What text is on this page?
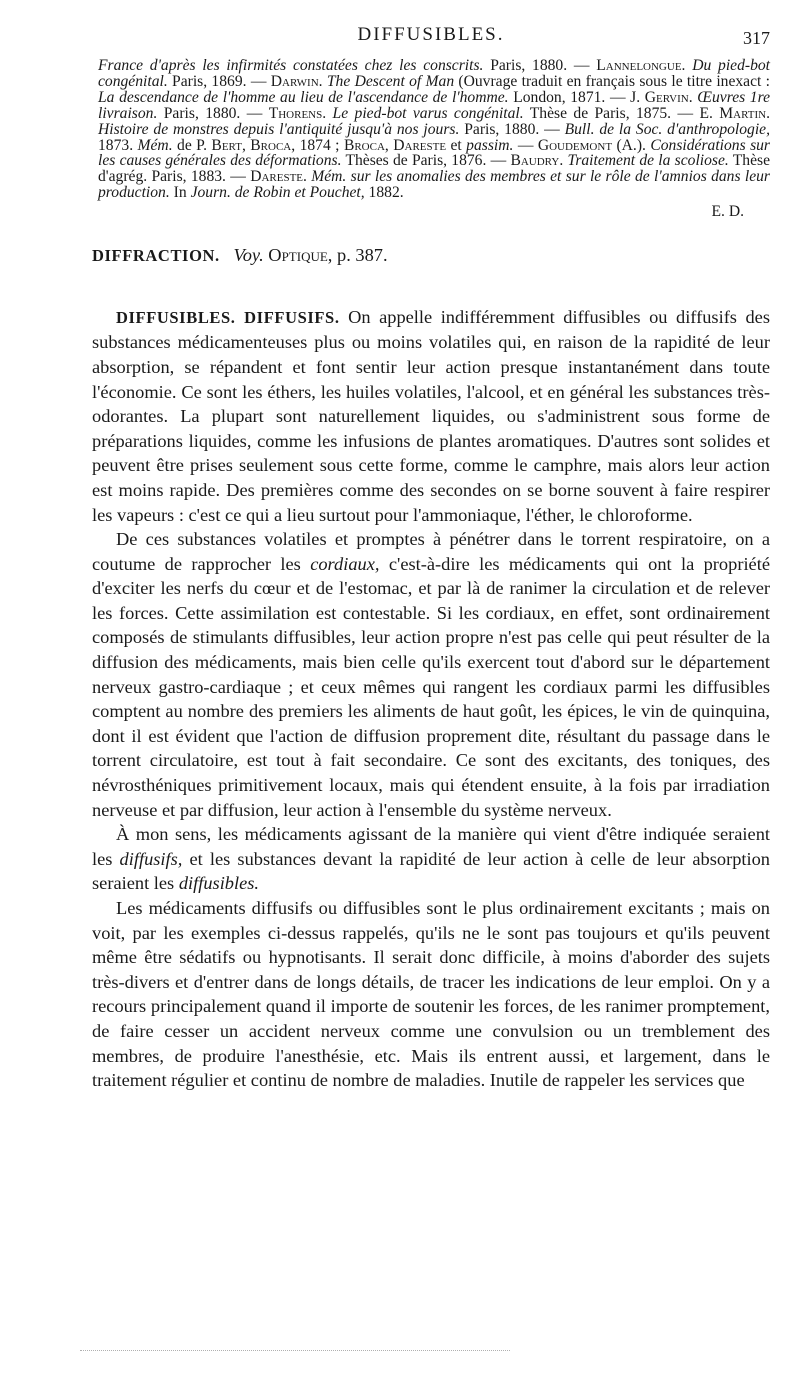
DIFFUSIBLES.	317

France d'après les infirmités constatées chez les conscrits. Paris, 1880. — Lannelongue. Du pied-bot congénital. Paris, 1869. — Darwin. The Descent of Man (Ouvrage traduit en français sous le titre inexact : La descendance de l'homme au lieu de l'ascendance de l'homme. London, 1871. — J. Gervin. Œuvres 1re livraison. Paris, 1880. — Thorens. Le pied-bot varus congénital. Thèse de Paris, 1875. — E. Martin. Histoire de monstres depuis l'antiquité jusqu'à nos jours. Paris, 1880. — Bull. de la Soc. d'anthropologie, 1873. Mém. de P. Bert, Broca, 1874 ; Broca, Dareste et passim. — Goudemont (A.). Considérations sur les causes générales des déformations. Thèses de Paris, 1876. — Baudry. Traitement de la scoliose. Thèse d'agrég. Paris, 1883. — Dareste. Mém. sur les anomalies des membres et sur le rôle de l'amnios dans leur production. In Journ. de Robin et Pouchet, 1882.

E. D.

DIFFRACTION. Voy. Optique, p. 387.

DIFFUSIBLES. DIFFUSIFS. On appelle indifféremment diffusibles ou diffusifs des substances médicamenteuses plus ou moins volatiles qui, en raison de la rapidité de leur absorption, se répandent et font sentir leur action presque instantanément dans toute l'économie. Ce sont les éthers, les huiles volatiles, l'alcool, et en général les substances très-odorantes. La plupart sont naturellement liquides, ou s'administrent sous forme de préparations liquides, comme les infusions de plantes aromatiques. D'autres sont solides et peuvent être prises seulement sous cette forme, comme le camphre, mais alors leur action est moins rapide. Des premières comme des secondes on se borne souvent à faire respirer les vapeurs : c'est ce qui a lieu surtout pour l'ammoniaque, l'éther, le chloroforme.

De ces substances volatiles et promptes à pénétrer dans le torrent respiratoire, on a coutume de rapprocher les cordiaux, c'est-à-dire les médicaments qui ont la propriété d'exciter les nerfs du cœur et de l'estomac, et par là de ranimer la circulation et de relever les forces. Cette assimilation est contestable. Si les cordiaux, en effet, sont ordinairement composés de stimulants diffusibles, leur action propre n'est pas celle qui peut résulter de la diffusion des médicaments, mais bien celle qu'ils exercent tout d'abord sur le département nerveux gastro-cardiaque ; et ceux mêmes qui rangent les cordiaux parmi les diffusibles comptent au nombre des premiers les aliments de haut goût, les épices, le vin de quinquina, dont il est évident que l'action de diffusion proprement dite, résultant du passage dans le torrent circulatoire, est tout à fait secondaire. Ce sont des excitants, des toniques, des névrosthéniques primitivement locaux, mais qui étendent ensuite, à la fois par irradiation nerveuse et par diffusion, leur action à l'ensemble du système nerveux.

À mon sens, les médicaments agissant de la manière qui vient d'être indiquée seraient les diffusifs, et les substances devant la rapidité de leur action à celle de leur absorption seraient les diffusibles.

Les médicaments diffusifs ou diffusibles sont le plus ordinairement excitants ; mais on voit, par les exemples ci-dessus rappelés, qu'ils ne le sont pas toujours et qu'ils peuvent même être sédatifs ou hypnotisants. Il serait donc difficile, à moins d'aborder des sujets très-divers et d'entrer dans de longs détails, de tracer les indications de leur emploi. On y a recours principalement quand il importe de soutenir les forces, de les ranimer promptement, de faire cesser un accident nerveux comme une convulsion ou un tremblement des membres, de produire l'anesthésie, etc. Mais ils entrent aussi, et largement, dans le traitement régulier et continu de nombre de maladies. Inutile de rappeler les services que
